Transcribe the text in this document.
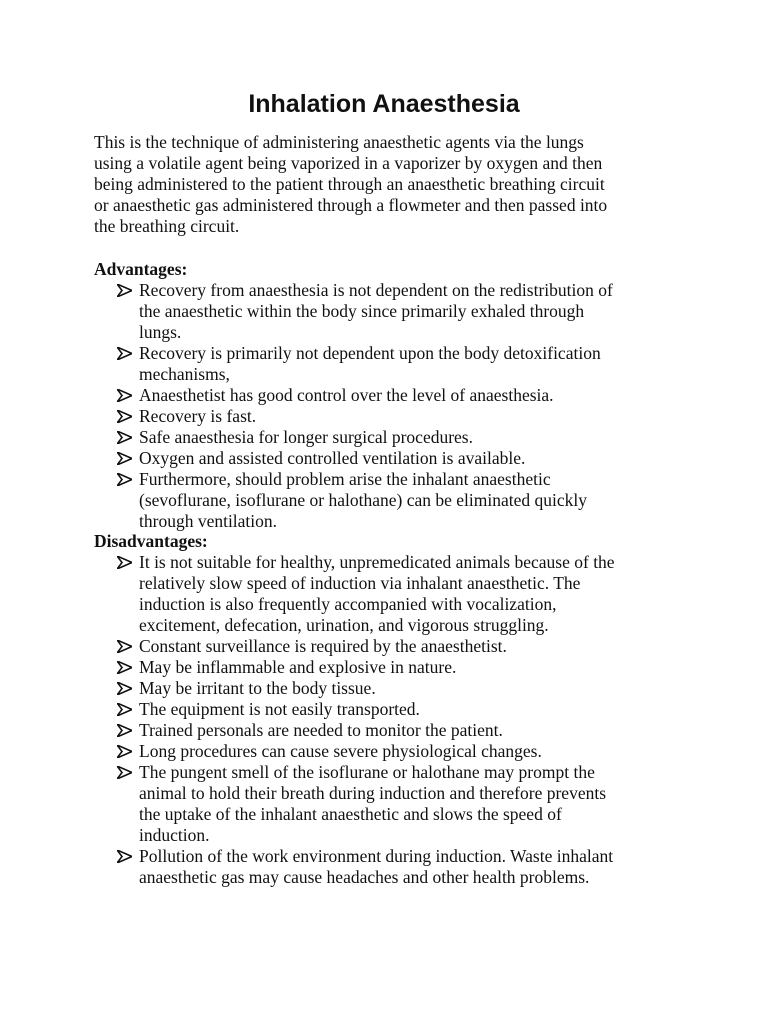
Inhalation Anaesthesia

This is the technique of administering anaesthetic agents via the lungs
using a volatile agent being vaporized in a vaporizer by oxygen and then
being administered to the patient through an anaesthetic breathing circuit
or anaesthetic gas administered through a flowmeter and then passed into
the breathing circuit.

Advantages:

Recovery from anaesthesia is not dependent on the redistribution of
the anaesthetic within the body since primarily exhaled through
lungs.
Recovery is primarily not dependent upon the body detoxification
mechanisms,
Anaesthetist has good control over the level of anaesthesia.
Recovery is fast.
Safe anaesthesia for longer surgical procedures.
Oxygen and assisted controlled ventilation is available.
Furthermore, should problem arise the inhalant anaesthetic
(sevoflurane, isoflurane or halothane) can be eliminated quickly
through ventilation.

Disadvantages:

It is not suitable for healthy, unpremedicated animals because of the
relatively slow speed of induction via inhalant anaesthetic. The
induction is also frequently accompanied with vocalization,
excitement, defecation, urination, and vigorous struggling.
Constant surveillance is required by the anaesthetist.
May be inflammable and explosive in nature.
May be irritant to the body tissue.
The equipment is not easily transported.
Trained personals are needed to monitor the patient.
Long procedures can cause severe physiological changes.
The pungent smell of the isoflurane or halothane may prompt the
animal to hold their breath during induction and therefore prevents
the uptake of the inhalant anaesthetic and slows the speed of
induction.
Pollution of the work environment during induction. Waste inhalant
anaesthetic gas may cause headaches and other health problems.
